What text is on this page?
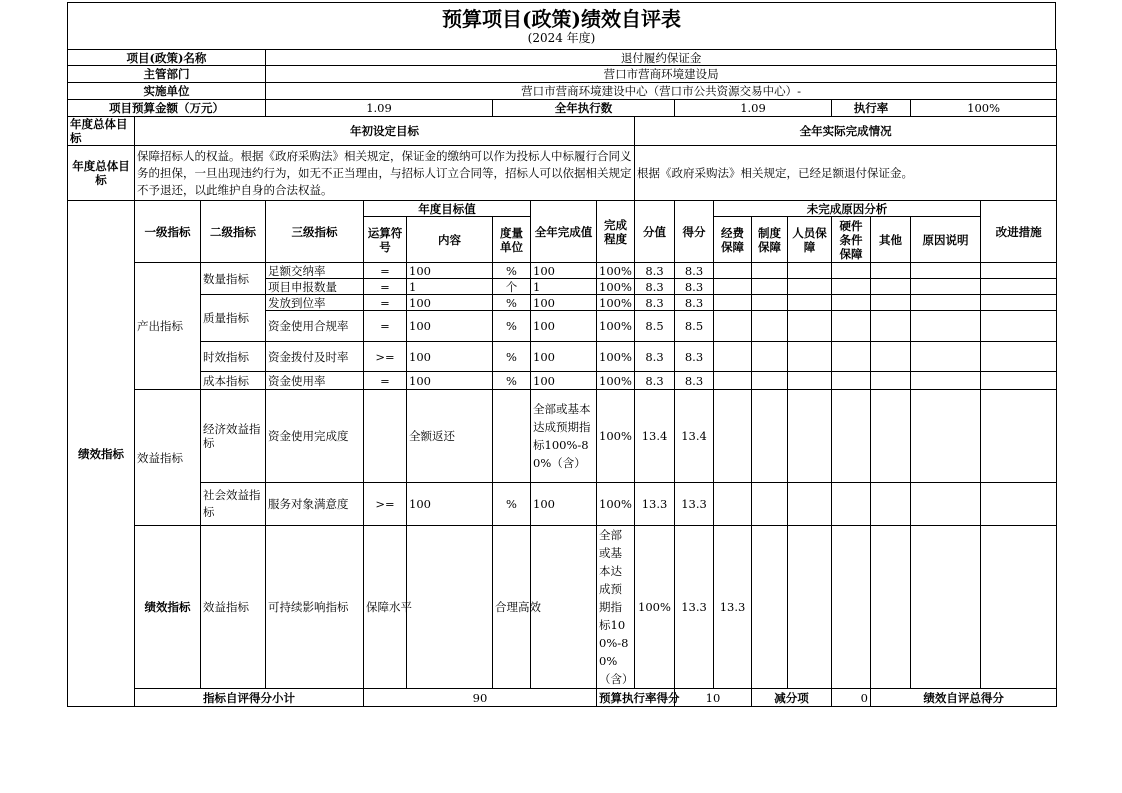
预算项目(政策)绩效自评表
(2024 年度)
项目(政策)名称			退付履约保证金															
主管部门			营口市营商环境建设局															
实施单位			营口市营商环境建设中心（营口市公共资源交易中心）-															
项目预算金额（万元）			1.09			全年执行数				1.09				执行率		100%		
年度总体目标	年初设定目标								全年实际完成情况									
年度总体目标	保障招标人的权益。根据《政府采购法》相关规定，保证金的缴纳可以作为投标人中标履行合同义务的担保，一旦出现违约行为，如无不正当理由，与招标人订立合同等，招标人可以依据相关规定不予退还，以此维护自身的合法权益。								根据《政府采购法》相关规定，已经足额退付保证金。									
绩效指标	一级指标	二级指标	三级指标	年度目标值			全年完成值	完成程度	分值	得分	未完成原因分析						改进措施	
				运算符号	内容	度量单位					经费保障	制度保障	人员保障	硬件条件保障	其他	原因说明		
	产出指标	数量指标	足额交纳率	=	100	%	100	100%	8.3	8.3								
			项目申报数量	=	1	个	1	100%	8.3	8.3								
		质量指标	发放到位率	=	100	%	100	100%	8.3	8.3								
			资金使用合规率	=	100	%	100	100%	8.5	8.5								
		时效指标	资金拨付及时率	>=	100	%	100	100%	8.3	8.3								
		成本指标	资金使用率	=	100	%	100	100%	8.3	8.3								
	效益指标	经济效益指标	资金使用完成度		全额返还		全部或基本达成预期指标100%-80%（含）	100%	13.4	13.4								
		社会效益指标	服务对象满意度	>=	100	%	100	100%	13.3	13.3								
	绩效指标	效益指标	可持续影响指标	保障水平		合理高效		全部或基本达成预期指标100%-80%（含）	100%	13.3	13.3							
	指标自评得分小计			90				预算执行率得分		10		减分项		0	绩效自评总得分	
